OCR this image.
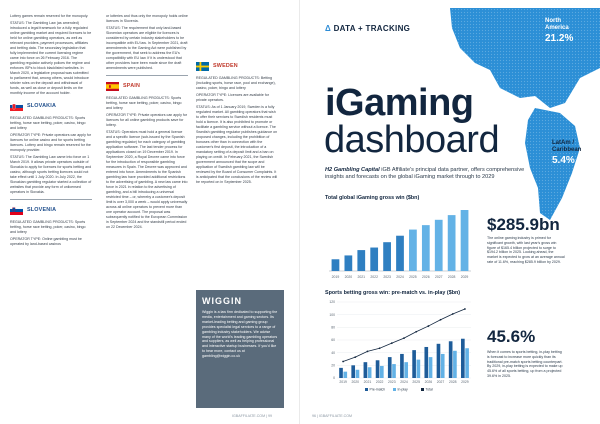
Lottery games remain reserved for the monopoly.

STATUS: The Gambling Law (as amended) introduced a legal framework for a fully regulated online gambling market and required licences to be held for online gambling operators, as well as relevant providers, payment processors, affiliates and betting data. The secondary legislation that fully implemented the current licensing regime came into force on 26 February 2016. The gambling regulator actively polices the regime and enforces ISPs to block blacklisted websites. In March 2020, a legislative proposal was submitted to parliament that, among others, would introduce stricter rules on the deposit and withdrawal of funds, as well as close or deposit limits on the monthly income of the account holder.

SLOVAKIA

REGULATED GAMBLING PRODUCTS: Sports betting, horse race betting, poker, casino, bingo and lottery

OPERATOR TYPE: Private operators can apply for licences for online casino and for sports betting licences. Lottery and bingo remain reserved for the monopoly provider.

STATUS: The Gambling Law came into force on 1 March 2019. It allows private operators outside of Slovakia to apply for licences for sports betting and casino, although sports betting licences could not take effect until 1 July 2020. In July 2022, the Slovakian gambling regulator started a collection of websites that provide any form of unlicensed operators in Slovakia.

SLOVENIA

REGULATED GAMBLING PRODUCTS: Sports betting, horse race betting, poker, casino, bingo and lottery

OPERATOR TYPE: Online gambling must be operated by land-based casinos

or lotteries and thus only the monopoly holds online licences in Slovenia.

STATUS: The requirement that only land-based Slovenian operators are eligible for licences is considered by certain industry stakeholders to be incompatible with EU law. In September 2021, draft amendments to the Gaming Act were published by the government, that seek to address the EU's compatibility with EU law. If it is understood that other providers have been made since the draft amendments were published.

SPAIN

REGULATED GAMBLING PRODUCTS: Sports betting, horse race betting, poker, casino, bingo and lottery

OPERATOR TYPE: Private operators can apply for licences for all online gambling products save for lottery.

STATUS: Operators must hold a general licence and a specific licence (sub-issued by the Spanish gambling regulator) for each category of gambling application software. The last tender process for applications closed on 19 December 2019. In September 2020, a Royal Decree came into force for the introduction of responsible gambling measures in Spain. The Decree was approved and entered into force. Amendments to the Spanish gambling law have provided additional restrictions to the advertising of gambling. A new law came into force in 2021 in relation to the advertising of gambling, and a bill introducing a universal restricted time – or, whereby a customer's deposit limit is over 3,000 a week – would apply universally across all online operators to prevent more than one operator account. The proposal was subsequently notified to the European Commission in September 2024 and the standstill period ended on 22 December 2024.

SWEDEN

REGULATED GAMBLING PRODUCTS: Betting (including sports, horse race, pool and exchange), casino, poker, bingo and lottery

OPERATOR TYPE: Licences are available for private operators.

STATUS: As of 1 January 2019, Sweden is a fully regulated market. All gambling operators that wish to offer their services to Swedish residents must hold a licence. It is also prohibited to promote or facilitate a gambling service without a licence. The Swedish gambling regulator publishes guidance on proposed changes, including the prohibition of bonuses other than in connection with the customer's first deposit, the introduction of a mandatory setting of a deposit limit and a ban on playing on credit. In February 2021, the Swedish government announced that the scope and application of Swedish gambling law will be reviewed by the Board of Consumer Complaints. It is anticipated that the conclusions of the review will be reported on in September 2025.

WIGGIN
Wiggin is a law firm dedicated to supporting the media, entertainment and gaming sectors. Its market-leading betting and gaming group provides specialist legal services to a range of gambling industry stakeholders. We advise many of the world's leading gambling operators and suppliers, as well as helping professional and interactive startup businesses. If you'd like to hear more, contact us at gambling@wiggin.co.uk
IGBAFFILIATE.COM | 99
Δ DATA + TRACKING
North America
21.2%
LatAm / Caribbean
5.4%
iGaming
dashboard
H2 Gambling Capital iGB Affiliate's principal data partner, offers comprehensive insights and forecasts on the global iGaming market through to 2029
Total global iGaming gross win ($bn)
2019 2020 2021 2022 2023 2024 2025 2026 2027 2028 2029
$285.9bn
The online gaming industry is primed for significant growth, with last year's gross win figure of $165.4 billion projected to surge to $194.2 billion in 2025. Looking ahead, the market is expected to grow at an average annual rate of 11.6%, reaching $285.9 billion by 2029.
Sports betting gross win: pre-match vs. in-play ($bn)
0
20
40
60
80
100
120
2019 2020 2021 2022 2023 2024 2025 2026 2027 2028 2029
Pre-match	In-play	Total
45.6%
When it comes to sports betting, in-play betting is forecast to increase more quickly than its traditional pre-match sports betting counterpart. By 2029, in-play betting is expected to make up 45.6% of all sports betting, up from a projected 39.6% in 2025.
96 | IGBAFFILIATE.COM
